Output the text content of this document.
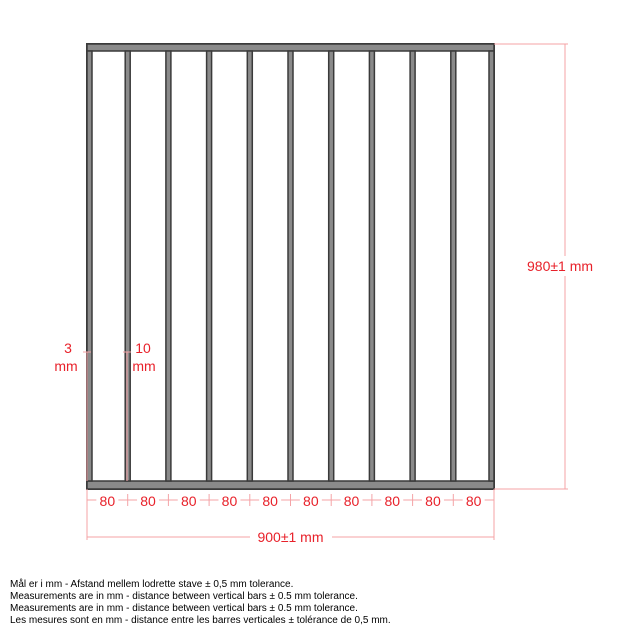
980±1 mm
900±1 mm
80 80 80 80 80 80 80 80 80 80
3
mm
10
mm
Mål er i mm - Afstand mellem lodrette stave ± 0,5 mm tolerance.
Measurements are in mm - distance between vertical bars ± 0.5 mm tolerance.
Measurements are in mm - distance between vertical bars ± 0.5 mm tolerance.
Les mesures sont en mm - distance entre les barres verticales ± tolérance de 0,5 mm.
